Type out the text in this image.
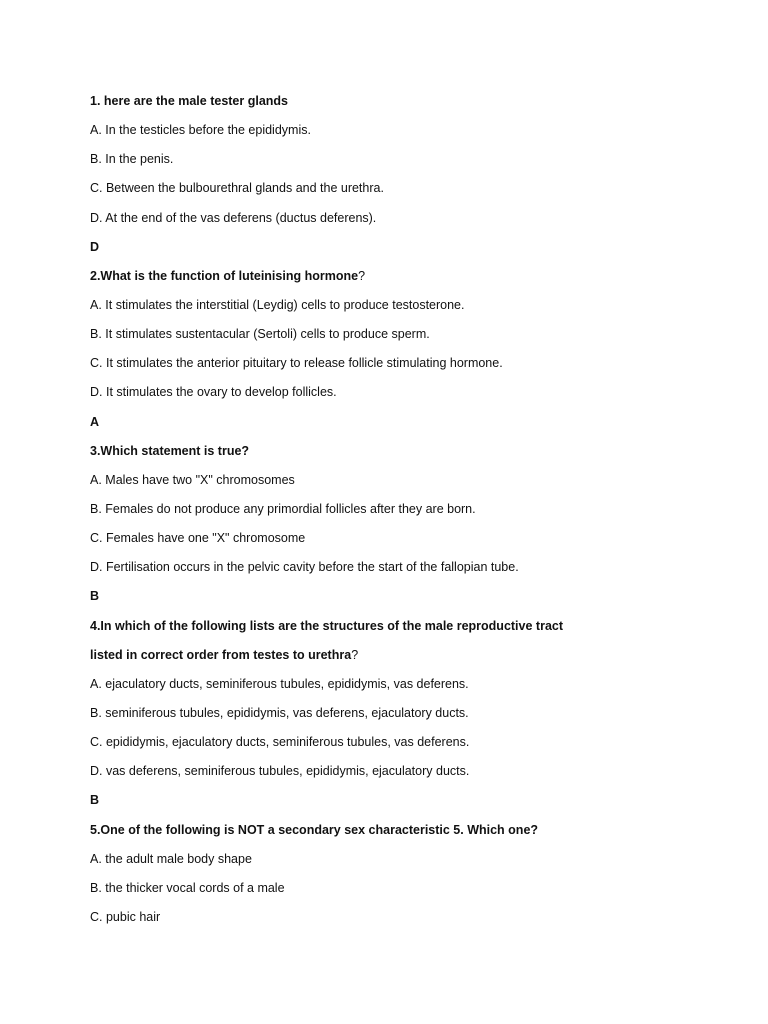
1. here are the male tester glands
A. In the testicles before the epididymis.
B. In the penis.
C. Between the bulbourethral glands and the urethra.
D. At the end of the vas deferens (ductus deferens).
D
2.What is the function of luteinising hormone?
A. It stimulates the interstitial (Leydig) cells to produce testosterone.
B. It stimulates sustentacular (Sertoli) cells to produce sperm.
C. It stimulates the anterior pituitary to release follicle stimulating hormone.
D. It stimulates the ovary to develop follicles.
A
3.Which statement is true?
A. Males have two "X" chromosomes
B. Females do not produce any primordial follicles after they are born.
C. Females have one "X" chromosome
D. Fertilisation occurs in the pelvic cavity before the start of the fallopian tube.
B
4.In which of the following lists are the structures of the male reproductive tract
listed in correct order from testes to urethra?
A. ejaculatory ducts, seminiferous tubules, epididymis, vas deferens.
B. seminiferous tubules, epididymis, vas deferens, ejaculatory ducts.
C. epididymis, ejaculatory ducts, seminiferous tubules, vas deferens.
D. vas deferens, seminiferous tubules, epididymis, ejaculatory ducts.
B
5.One of the following is NOT a secondary sex characteristic 5. Which one?
A. the adult male body shape
B. the thicker vocal cords of a male
C. pubic hair
